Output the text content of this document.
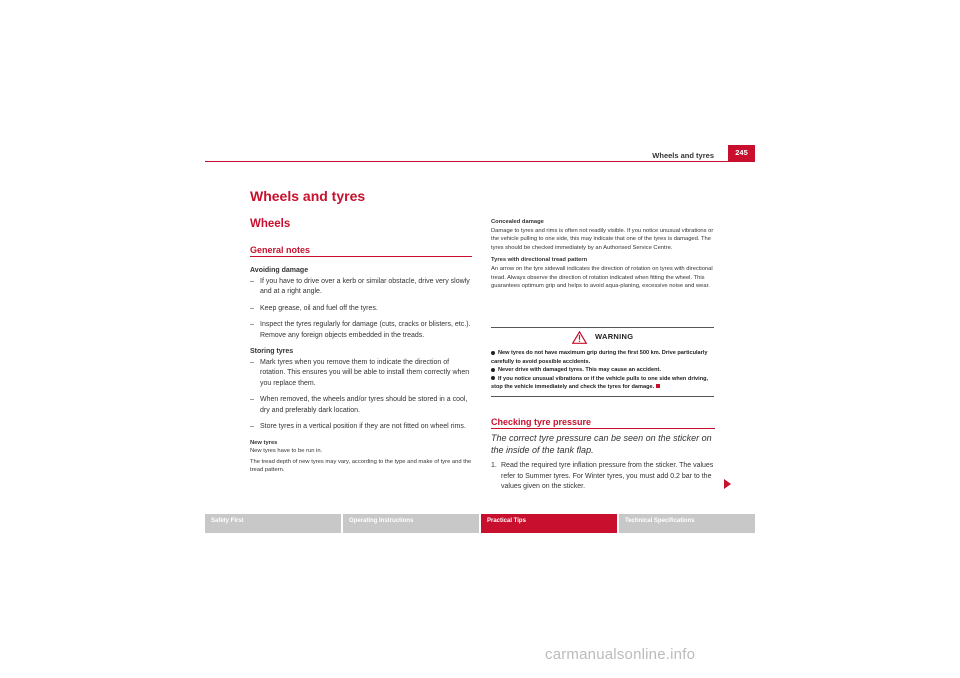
Wheels and tyres	245
Wheels and tyres
Wheels
General notes
Avoiding damage
– If you have to drive over a kerb or similar obstacle, drive very slowly and at a right angle.
– Keep grease, oil and fuel off the tyres.
– Inspect the tyres regularly for damage (cuts, cracks or blisters, etc.). Remove any foreign objects embedded in the treads.
Storing tyres
– Mark tyres when you remove them to indicate the direction of rotation. This ensures you will be able to install them correctly when you replace them.
– When removed, the wheels and/or tyres should be stored in a cool, dry and preferably dark location.
– Store tyres in a vertical position if they are not fitted on wheel rims.
New tyres
New tyres have to be run in.
The tread depth of new tyres may vary, according to the type and make of tyre and the tread pattern.
Concealed damage
Damage to tyres and rims is often not readily visible. If you notice unusual vibrations or the vehicle pulling to one side, this may indicate that one of the tyres is damaged. The tyres should be checked immediately by an Authorised Service Centre.
Tyres with directional tread pattern
An arrow on the tyre sidewall indicates the direction of rotation on tyres with directional tread. Always observe the direction of rotation indicated when fitting the wheel. This guarantees optimum grip and helps to avoid aqua-planing, excessive noise and wear.
WARNING
New tyres do not have maximum grip during the first 500 km. Drive particularly carefully to avoid possible accidents.
Never drive with damaged tyres. This may cause an accident.
If you notice unusual vibrations or if the vehicle pulls to one side when driving, stop the vehicle immediately and check the tyres for damage.
Checking tyre pressure
The correct tyre pressure can be seen on the sticker on the inside of the tank flap.
1. Read the required tyre inflation pressure from the sticker. The values refer to Summer tyres. For Winter tyres, you must add 0.2 bar to the values given on the sticker.
Safety First	Operating Instructions	Practical Tips	Technical Specifications
carmanualsonline.info
